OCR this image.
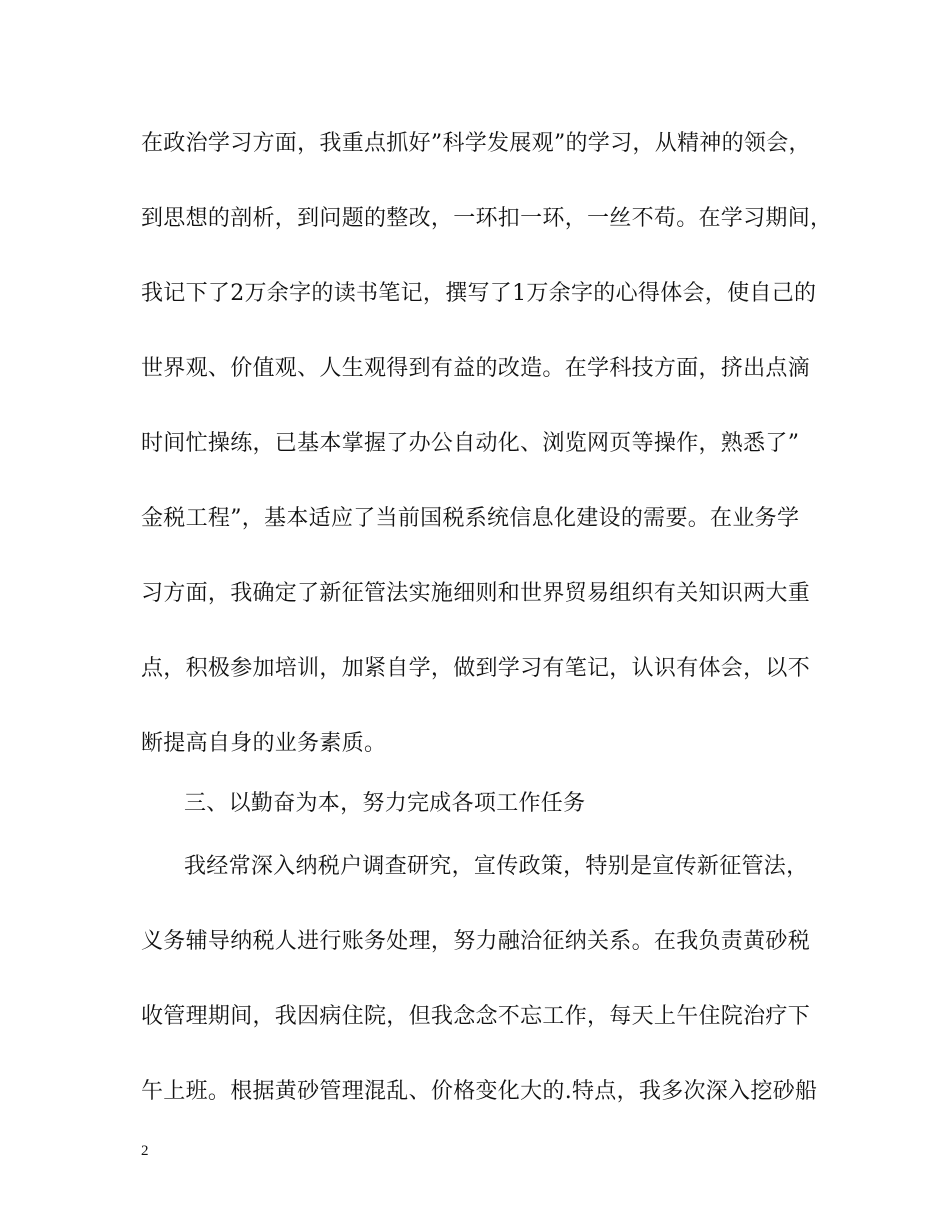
在政治学习方面，我重点抓好”科学发展观”的学习，从精神的领会，
到思想的剖析，到问题的整改，一环扣一环，一丝不苟。在学习期间，
我记下了2万余字的读书笔记，撰写了1万余字的心得体会，使自己的
世界观、价值观、人生观得到有益的改造。在学科技方面，挤出点滴
时间忙操练，已基本掌握了办公自动化、浏览网页等操作，熟悉了”
金税工程”，基本适应了当前国税系统信息化建设的需要。在业务学
习方面，我确定了新征管法实施细则和世界贸易组织有关知识两大重
点，积极参加培训，加紧自学，做到学习有笔记，认识有体会，以不
断提高自身的业务素质。
三、以勤奋为本，努力完成各项工作任务
我经常深入纳税户调查研究，宣传政策，特别是宣传新征管法，
义务辅导纳税人进行账务处理，努力融洽征纳关系。在我负责黄砂税
收管理期间，我因病住院，但我念念不忘工作，每天上午住院治疗下
午上班。根据黄砂管理混乱、价格变化大的.特点，我多次深入挖砂船
2
